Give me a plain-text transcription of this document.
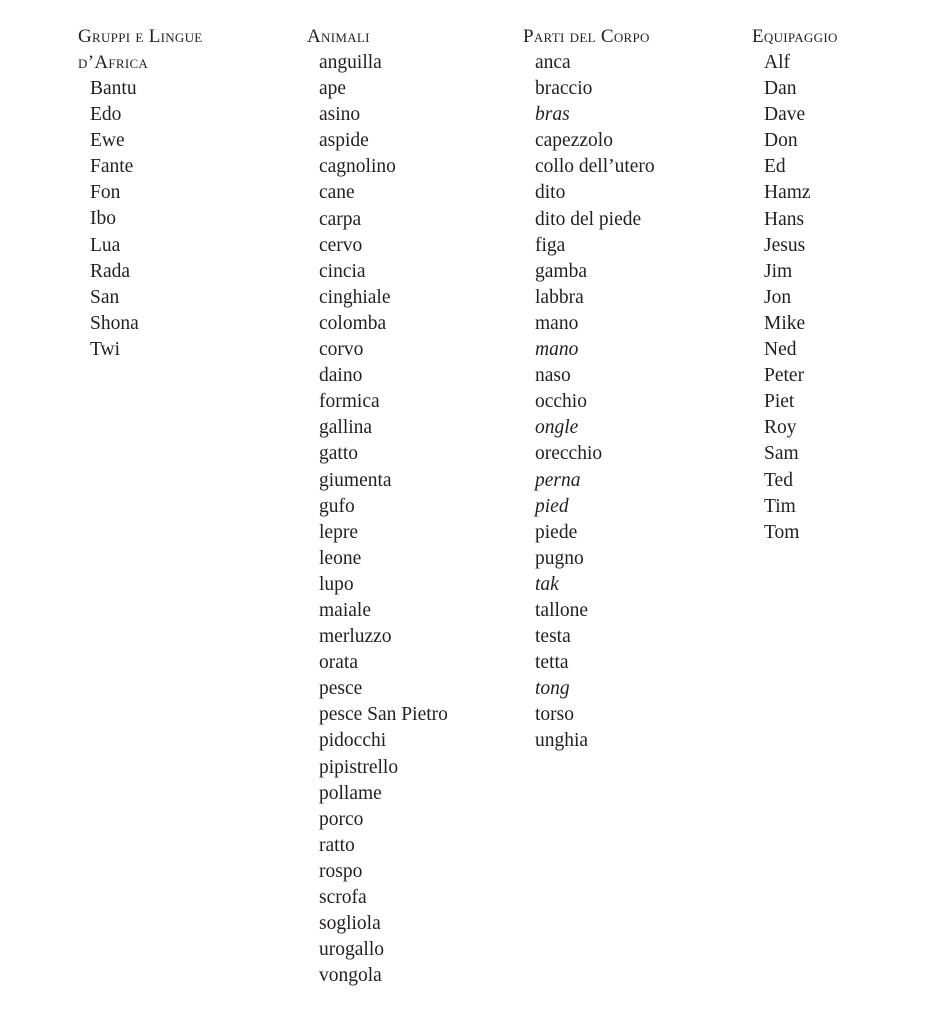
Gruppi e Lingue d’Africa
Bantu
Edo
Ewe
Fante
Fon
Ibo
Lua
Rada
San
Shona
Twi
Animali
anguilla
ape
asino
aspide
cagnolino
cane
carpa
cervo
cincia
cinghiale
colomba
corvo
daino
formica
gallina
gatto
giumenta
gufo
lepre
leone
lupo
maiale
merluzzo
orata
pesce
pesce San Pietro
pidocchi
pipistrello
pollame
porco
ratto
rospo
scrofa
sogliola
urogallo
vongola
Parti del Corpo
anca
braccio
bras
capezzolo
collo dell’utero
dito
dito del piede
figa
gamba
labbra
mano
mano
naso
occhio
ongle
orecchio
perna
pied
piede
pugno
tak
tallone
testa
tetta
tong
torso
unghia
Equipaggio
Alf
Dan
Dave
Don
Ed
Hamz
Hans
Jesus
Jim
Jon
Mike
Ned
Peter
Piet
Roy
Sam
Ted
Tim
Tom
